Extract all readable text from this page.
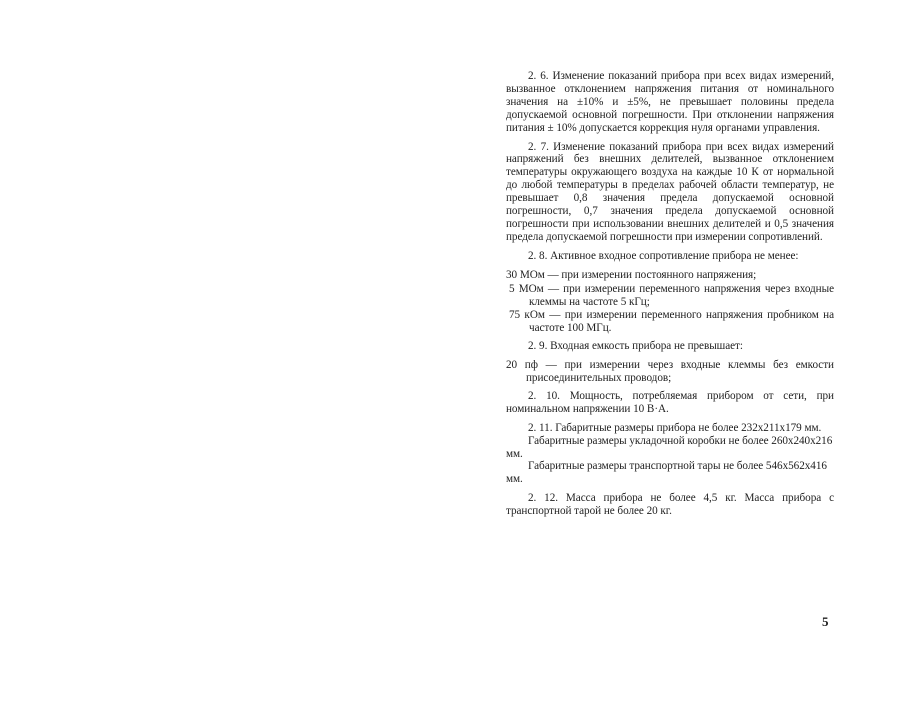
2. 6. Изменение показаний прибора при всех видах измерений, вызванное отклонением напряжения питания от номинального значения на ±10% и ±5%, не превышает половины предела допускаемой основной погрешности. При отклонении напряжения питания ± 10% допускается коррекция нуля органами управления.

2. 7. Изменение показаний прибора при всех видах измерений напряжений без внешних делителей, вызванное отклонением температуры окружающего воздуха на каждые 10 К от нормальной до любой температуры в пределах рабочей области температур, не превышает 0,8 значения предела допускаемой основной погрешности, 0,7 значения предела допускаемой основной погрешности при использовании внешних делителей и 0,5 значения предела допускаемой погрешности при измерении сопротивлений.

2. 8. Активное входное сопротивление прибора не менее:

30 МОм — при измерении постоянного напряжения;

5 МОм — при измерении переменного напряжения через входные клеммы на частоте 5 кГц;

75 кОм — при измерении переменного напряжения пробником на частоте 100 МГц.

2. 9. Входная емкость прибора не превышает:

20 пф — при измерении через входные клеммы без емкости присоединительных проводов;

2. 10. Мощность, потребляемая прибором от сети, при номинальном напряжении 10 В·А.

2. 11. Габаритные размеры прибора не более 232x211x179 мм.

Габаритные размеры укладочной коробки не более 260x240x216 мм.

Габаритные размеры транспортной тары не более 546x562x416 мм.

2. 12. Масса прибора не более 4,5 кг. Масса прибора с транспортной тарой не более 20 кг.

5
